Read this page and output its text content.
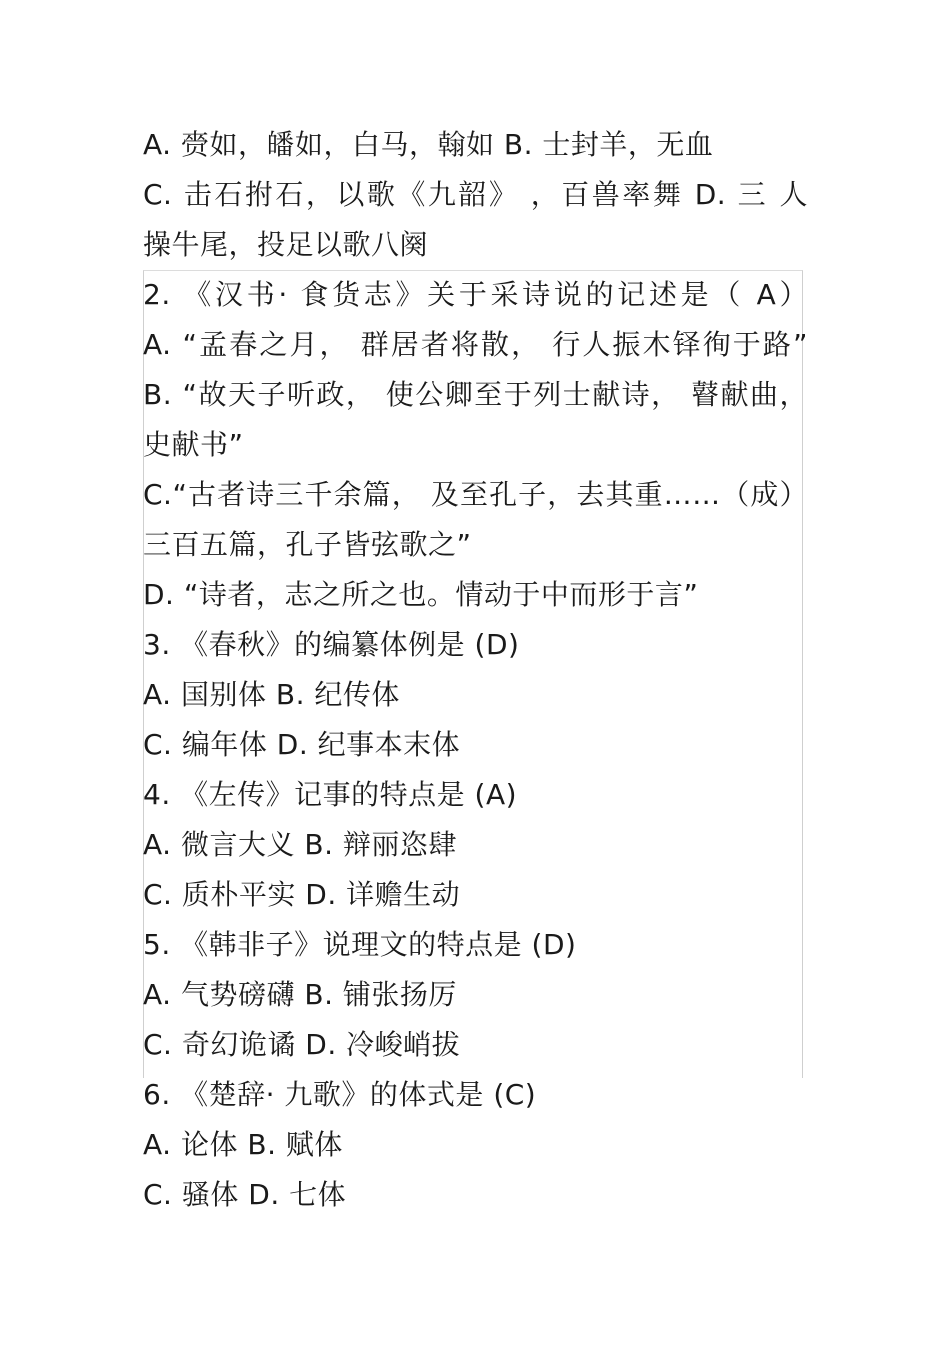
A. 赍如，皤如，白马，翰如 B. 士封羊，无血
C. 击石拊石，以歌《九韶》 ，百兽率舞 D. 三 人
操牛尾，投足以歌八阕
2. 《汉书· 食货志》关于采诗说的记述是（ A）
A. “孟春之月， 群居者将散， 行人振木铎徇于路”
B. “故天子听政， 使公卿至于列士献诗， 瞽献曲，
史献书”
C.“古者诗三千余篇， 及至孔子，去其重……（成）
三百五篇，孔子皆弦歌之”
D. “诗者，志之所之也。情动于中而形于言”
3. 《春秋》的编纂体例是 (D)
A. 国别体 B. 纪传体
C. 编年体 D. 纪事本末体
4. 《左传》记事的特点是 (A)
A. 微言大义 B. 辩丽恣肆
C. 质朴平实 D. 详赡生动
5. 《韩非子》说理文的特点是 (D)
A. 气势磅礴 B. 铺张扬厉
C. 奇幻诡谲 D. 冷峻峭拔
6. 《楚辞· 九歌》的体式是 (C)
A. 论体 B. 赋体
C. 骚体 D. 七体
